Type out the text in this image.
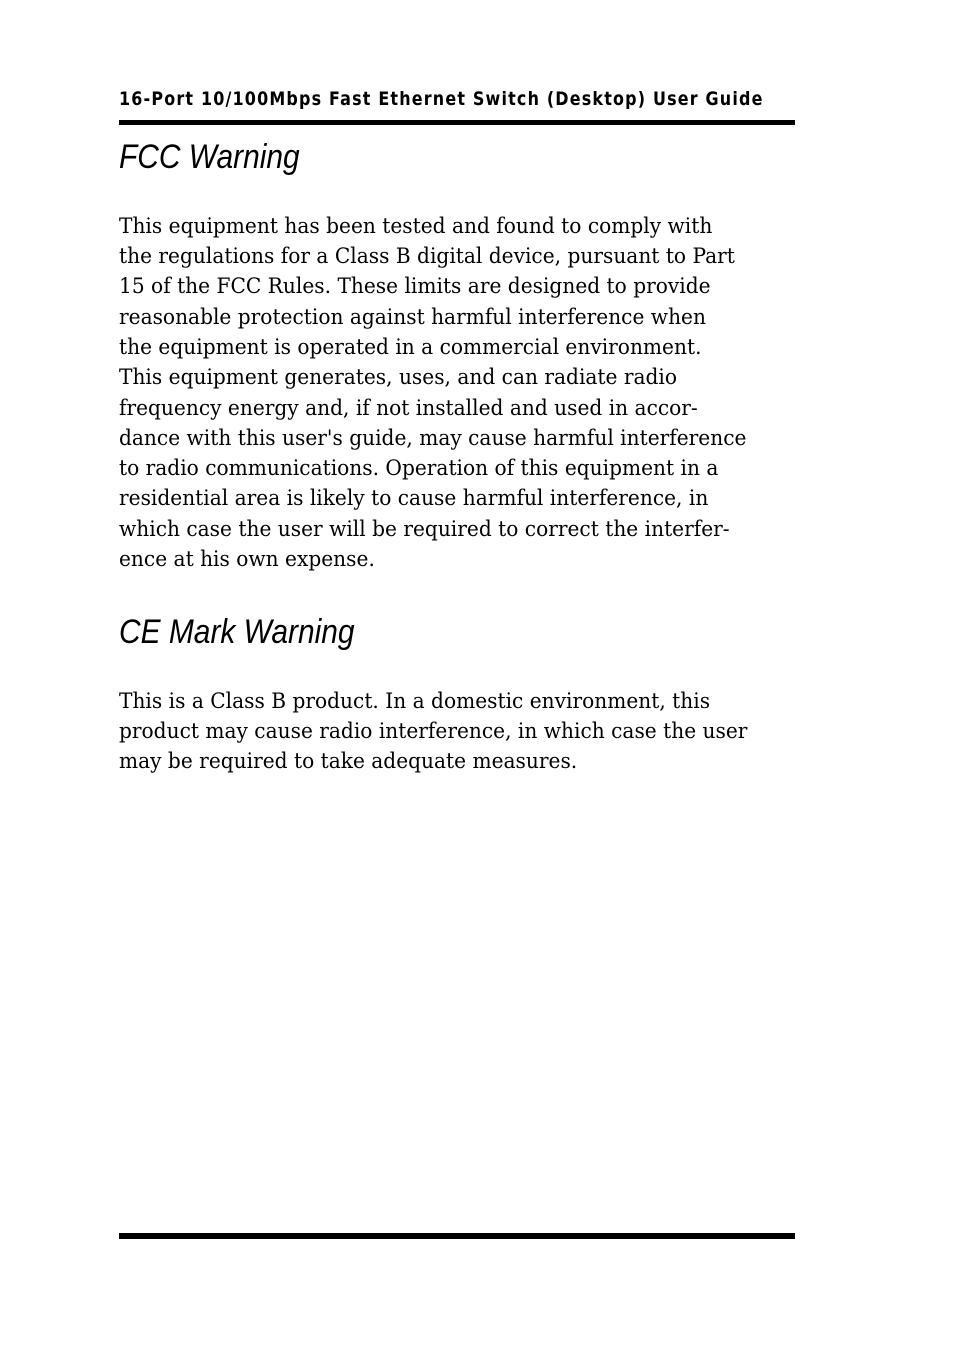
16-Port 10/100Mbps Fast Ethernet Switch (Desktop) User Guide
FCC Warning
This equipment has been tested and found to comply with
the regulations for a Class B digital device, pursuant to Part
15 of the FCC Rules. These limits are designed to provide
reasonable protection against harmful interference when
the equipment is operated in a commercial environment.
This equipment generates, uses, and can radiate radio
frequency energy and, if not installed and used in accor-
dance with this user's guide, may cause harmful interference
to radio communications. Operation of this equipment in a
residential area is likely to cause harmful interference, in
which case the user will be required to correct the interfer-
ence at his own expense.
CE Mark Warning
This is a Class B product. In a domestic environment, this
product may cause radio interference, in which case the user
may be required to take adequate measures.
